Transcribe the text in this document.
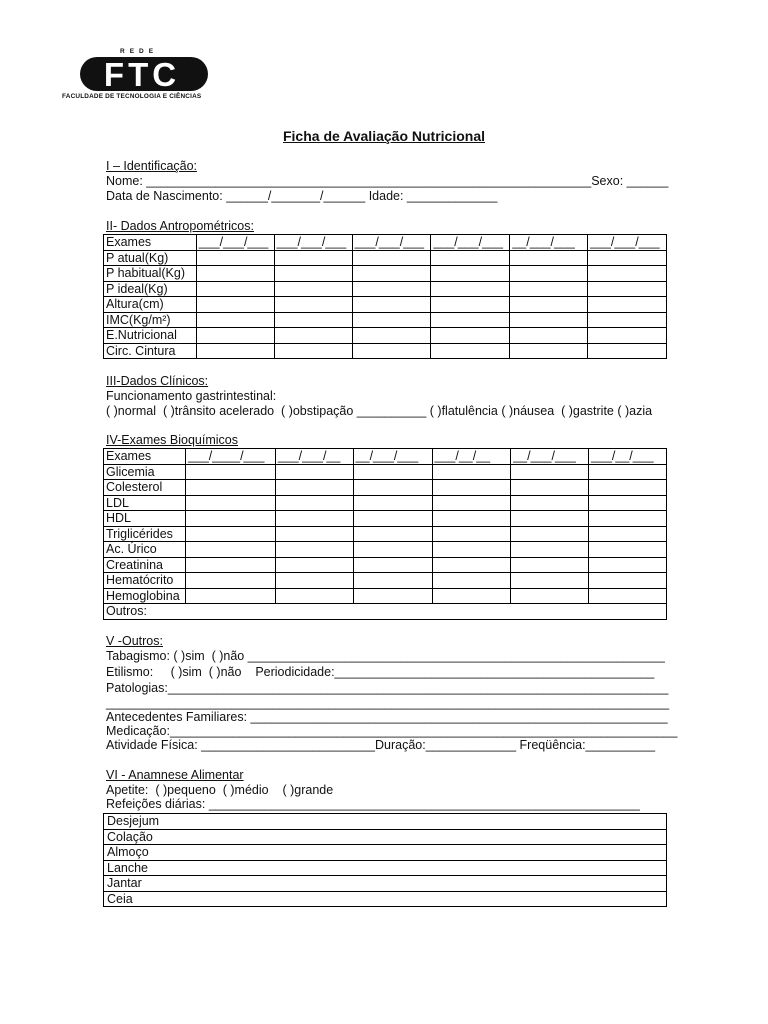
REDE
FTC
FACULDADE DE TECNOLOGIA E CIÊNCIAS
Ficha de Avaliação Nutricional
I – Identificação:
Nome: ________________________________________________________________Sexo: ______
Data de Nascimento: ______/_______/______ Idade: _____________
II- Dados Antropométricos:
Exames	___/___/___	___/___/___	___/___/___	___/___/___	__/___/___	___/___/___
P atual(Kg)						
P habitual(Kg)						
P ideal(Kg)						
Altura(cm)						
IMC(Kg/m²)						
E.Nutricional						
Circ. Cintura						
III-Dados Clínicos:
Funcionamento gastrintestinal:
( )normal  ( )trânsito acelerado  ( )obstipação __________ ( )flatulência ( )náusea  ( )gastrite ( )azia
IV-Exames Bioquímicos
Exames	___/____/___	___/___/__	__/___/___	___/__/__	__/___/___	___/__/___
Glicemia						
Colesterol						
LDL						
HDL						
Triglicérides						
Ac. Úrico						
Creatinina						
Hematócrito						
Hemoglobina						
Outros:						
V -Outros:
Tabagismo: ( )sim  ( )não ____________________________________________________________
Etilismo:     ( )sim  ( )não    Periodicidade:______________________________________________
Patologias:________________________________________________________________________
_________________________________________________________________________________
Antecedentes Familiares: ____________________________________________________________
Medicação:_________________________________________________________________________
Atividade Física: _________________________Duração:_____________ Freqüência:__________
VI - Anamnese Alimentar
Apetite:  ( )pequeno  ( )médio    ( )grande
Refeições diárias: ______________________________________________________________
Desjejum
Colação
Almoço
Lanche
Jantar
Ceia
